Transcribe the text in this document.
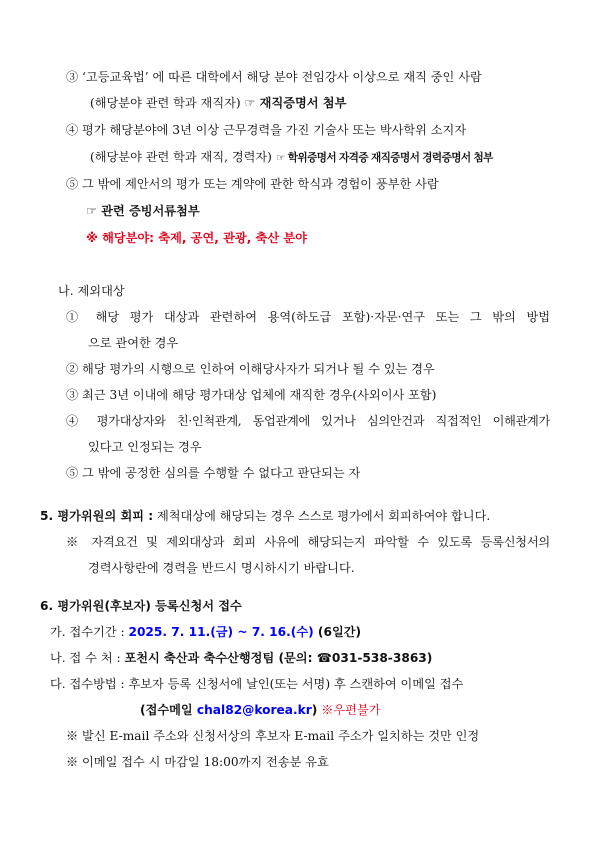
③ ‘고등교육법’ 에 따른 대학에서 해당 분야 전임강사 이상으로 재직 중인 사람
(해당분야 관련 학과 재직자) ☞ 재직증명서 첨부
④ 평가 해당분야에 3년 이상 근무경력을 가진 기술사 또는 박사학위 소지자
(해당분야 관련 학과 재직, 경력자) ☞ 학위증명서 자격증 재직증명서 경력증명서 첨부
⑤ 그 밖에 제안서의 평가 또는 계약에 관한 학식과 경험이 풍부한 사람
☞ 관련 증빙서류첨부
※ 해당분야: 축제, 공연, 관광, 축산 분야
나. 제외대상
① 해당 평가 대상과 관련하여 용역(하도급 포함)·자문·연구 또는 그 밖의 방법
으로 관여한 경우
② 해당 평가의 시행으로 인하여 이해당사자가 되거나 될 수 있는 경우
③ 최근 3년 이내에 해당 평가대상 업체에 재직한 경우(사외이사 포함)
④ 평가대상자와 친·인척관계, 동업관계에 있거나 심의안건과 직접적인 이해관계가
있다고 인정되는 경우
⑤ 그 밖에 공정한 심의를 수행할 수 없다고 판단되는 자
5. 평가위원의 회피 : 제척대상에 해당되는 경우 스스로 평가에서 회피하여야 합니다.
※ 자격요건 및 제외대상과 회피 사유에 해당되는지 파악할 수 있도록 등록신청서의
경력사항란에 경력을 반드시 명시하시기 바랍니다.
6. 평가위원(후보자) 등록신청서 접수
가. 접수기간 : 2025. 7. 11.(금) ~ 7. 16.(수) (6일간)
나. 접 수 처 : 포천시 축산과 축수산행정팀 (문의: ☎031-538-3863)
다. 접수방법 : 후보자 등록 신청서에 날인(또는 서명) 후 스캔하여 이메일 접수
(접수메일 chal82@korea.kr) ※우편불가
※ 발신 E-mail 주소와 신청서상의 후보자 E-mail 주소가 일치하는 것만 인정
※ 이메일 접수 시 마감일 18:00까지 전송분 유효
